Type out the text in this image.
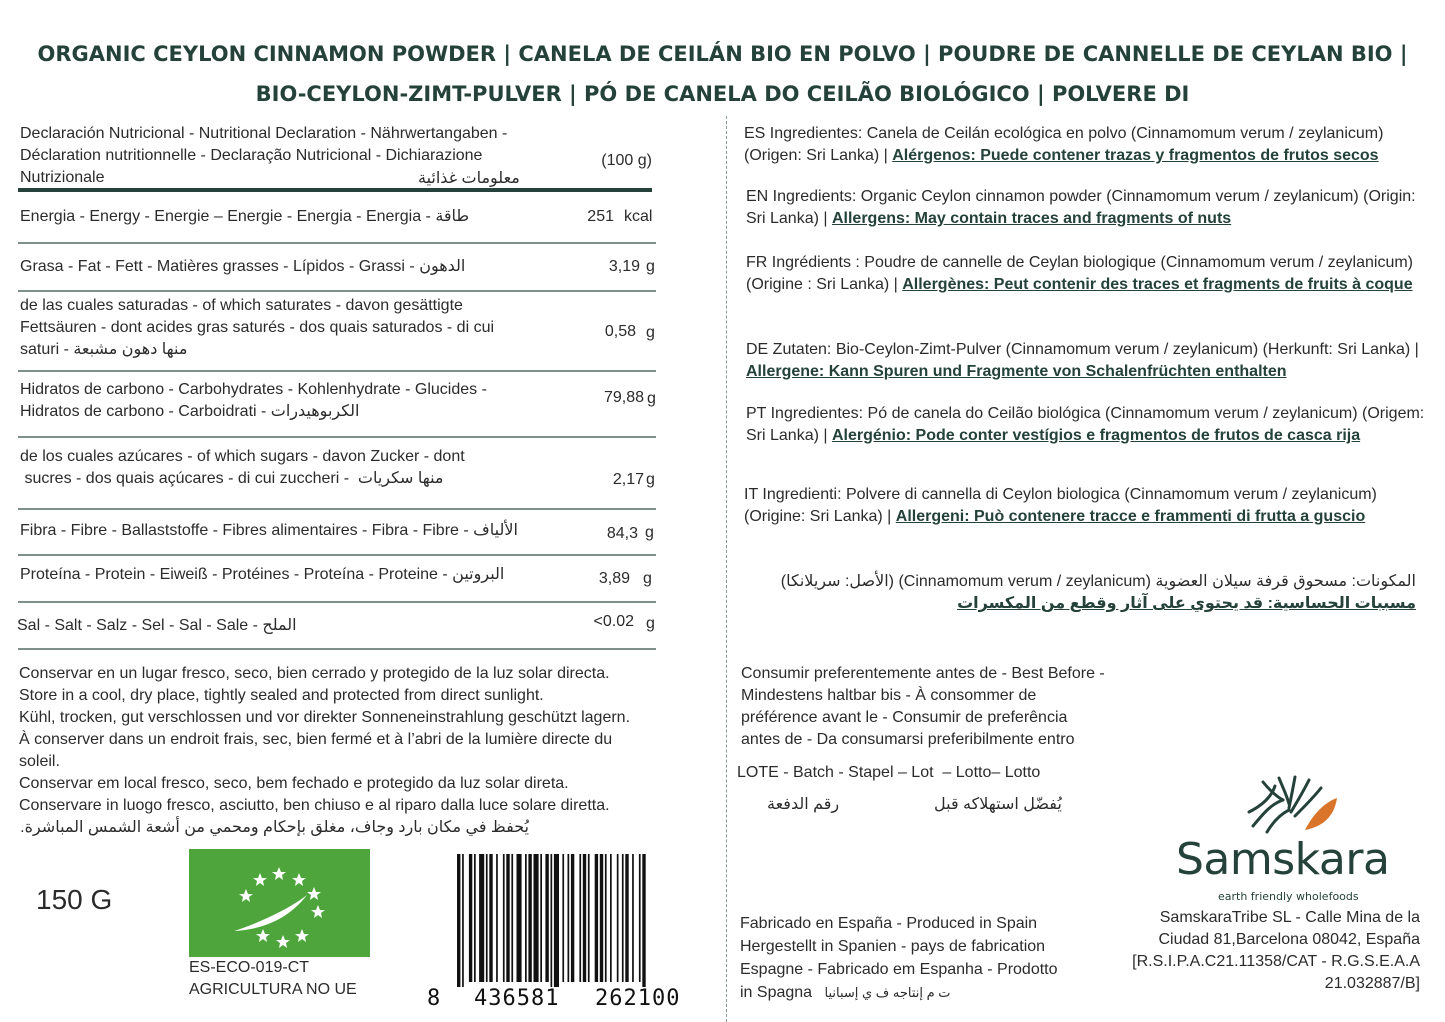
ORGANIC CEYLON CINNAMON POWDER | CANELA DE CEILÁN BIO EN POLVO | POUDRE DE CANNELLE DE CEYLAN BIO | BIO-CEYLON-ZIMT-PULVER | PÓ DE CANELA DO CEILÃO BIOLÓGICO | POLVERE DI
Declaración Nutricional - Nutritional Declaration - Nährwertangaben -
Déclaration nutritionnelle - Declaração Nutricional - Dichiarazione
Nutrizionale	معلومات غذائية
(100 g)
Energia - Energy - Energie – Energie - Energia - Energia - طاقة	251 kcal
Grasa - Fat - Fett - Matières grasses - Lípidos - Grassi - الدهون	3,19 g
de las cuales saturadas - of which saturates - davon gesättigte
Fettsäuren - dont acides gras saturés - dos quais saturados - di cui
saturi - منها دهون مشبعة
0,58 g
Hidratos de carbono - Carbohydrates - Kohlenhydrate - Glucides -
Hidratos de carbono - Carboidrati - الكربوهيدرات
79,88 g
de los cuales azúcares - of which sugars - davon Zucker - dont
sucres - dos quais açúcares - di cui zuccheri -  منها سكريات	2,17 g
Fibra - Fibre - Ballaststoffe - Fibres alimentaires - Fibra - Fibre - الألياف	84,3 g
Proteína - Protein - Eiweiß - Protéines - Proteína - Proteine - البروتين	3,89 g
Sal - Salt - Salz - Sel - Sal - Sale - الملح	<0.02 g
Conservar en un lugar fresco, seco, bien cerrado y protegido de la luz solar directa.
Store in a cool, dry place, tightly sealed and protected from direct sunlight.
Kühl, trocken, gut verschlossen und vor direkter Sonneneinstrahlung geschützt lagern.
À conserver dans un endroit frais, sec, bien fermé et à l’abri de la lumière directe du
soleil.
Conservar em local fresco, seco, bem fechado e protegido da luz solar direta.
Conservare in luogo fresco, asciutto, ben chiuso e al riparo dalla luce solare diretta.
يُحفظ في مكان بارد وجاف، مغلق بإحكام ومحمي من أشعة الشمس المباشرة.
150 G
ES-ECO-019-CT
AGRICULTURA NO UE	8 436581 262100
ES Ingredientes: Canela de Ceilán ecológica en polvo (Cinnamomum verum / zeylanicum) (Origen: Sri Lanka) | Alérgenos: Puede contener trazas y fragmentos de frutos secos
EN Ingredients: Organic Ceylon cinnamon powder (Cinnamomum verum / zeylanicum) (Origin: Sri Lanka) | Allergens: May contain traces and fragments of nuts
FR Ingrédients : Poudre de cannelle de Ceylan biologique (Cinnamomum verum / zeylanicum) (Origine : Sri Lanka) | Allergènes: Peut contenir des traces et fragments de fruits à coque
DE Zutaten: Bio-Ceylon-Zimt-Pulver (Cinnamomum verum / zeylanicum) (Herkunft: Sri Lanka) | Allergene: Kann Spuren und Fragmente von Schalenfrüchten enthalten
PT Ingredientes: Pó de canela do Ceilão biológica (Cinnamomum verum / zeylanicum) (Origem: Sri Lanka) | Alergénio: Pode conter vestígios e fragmentos de frutos de casca rija
IT Ingredienti: Polvere di cannella di Ceylon biologica (Cinnamomum verum / zeylanicum) (Origine: Sri Lanka) | Allergeni: Può contenere tracce e frammenti di frutta a guscio
المكونات: مسحوق قرفة سيلان العضوية (Cinnamomum verum / zeylanicum) (الأصل: سريلانكا)
مسببات الحساسية: قد يحتوي على آثار وقطع من المكسرات
Consumir preferentemente antes de - Best Before -
Mindestens haltbar bis - À consommer de
préférence avant le - Consumir de preferência
antes de - Da consumarsi preferibilmente entro
LOTE - Batch - Stapel – Lot  – Lotto– Lotto
رقم الدفعة	يُفضّل استهلاكه قبل
Fabricado en España - Produced in Spain
Hergestellt in Spanien - pays de fabrication
Espagne - Fabricado em Espanha - Prodotto
in Spagna ت م إنتاجه ف ي إسبانيا
Samskara
earth friendly wholefoods
SamskaraTribe SL - Calle Mina de la
Ciudad 81,Barcelona 08042, España
[R.S.I.P.A.C21.11358/CAT - R.G.S.E.A.A
21.032887/B]
